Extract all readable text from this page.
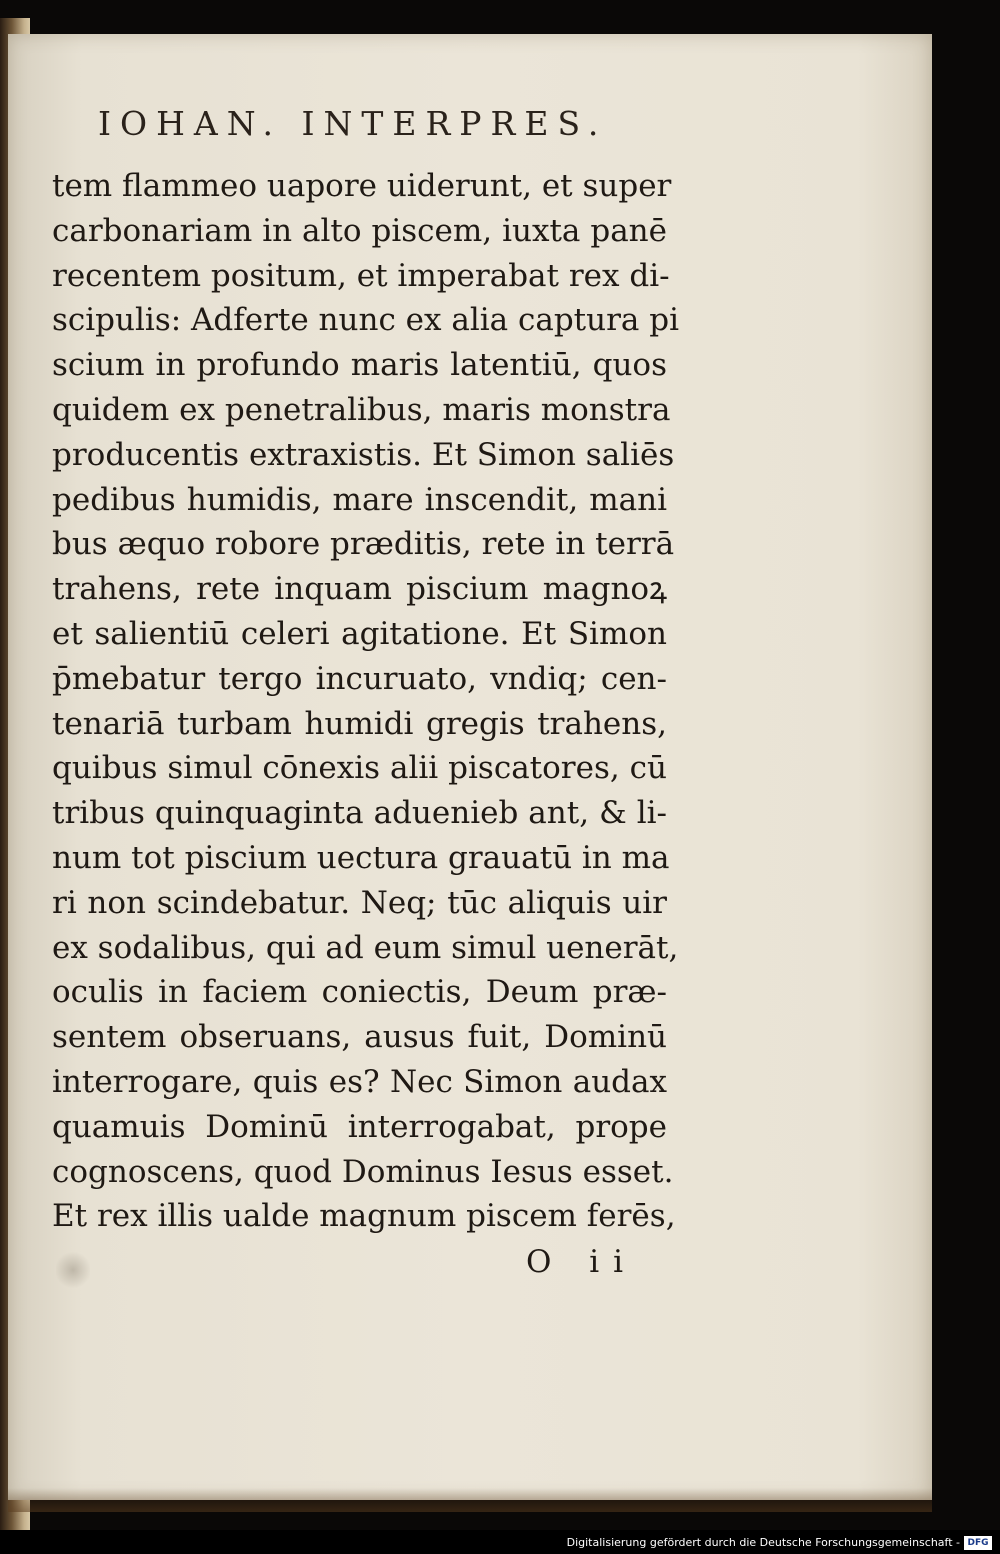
IOHAN. INTERPRES.
tem flammeo uapore uiderunt, et super
carbonariam in alto piscem, iuxta panē
recentem positum, et imperabat rex di-
scipulis: Adferte nunc ex alia captura pi
scium in profundo maris latentiū, quos
quidem ex penetralibus, maris monstra
producentis extraxistis. Et Simon saliēs
pedibus humidis, mare inscendit, mani
bus æquo robore præditis, rete in terrā
trahens, rete inquam piscium magnoꝝ
et salientiū celeri agitatione. Et Simon
p̄mebatur tergo incuruato, vndiq; cen-
tenariā turbam humidi gregis trahens,
quibus simul cōnexis alii piscatores, cū
tribus quinquaginta aduenieb ant, & li-
num tot piscium uectura grauatū in ma
ri non scindebatur. Neq; tūc aliquis uir
ex sodalibus, qui ad eum simul uenerāt,
oculis in faciem coniectis, Deum præ-
sentem obseruans, ausus fuit, Dominū
interrogare, quis es? Nec Simon audax
quamuis Dominū interrogabat, prope
cognoscens, quod Dominus Iesus esset.
Et rex illis ualde magnum piscem ferēs,
O ii
Digitalisierung gefördert durch die Deutsche Forschungsgemeinschaft - DFG
